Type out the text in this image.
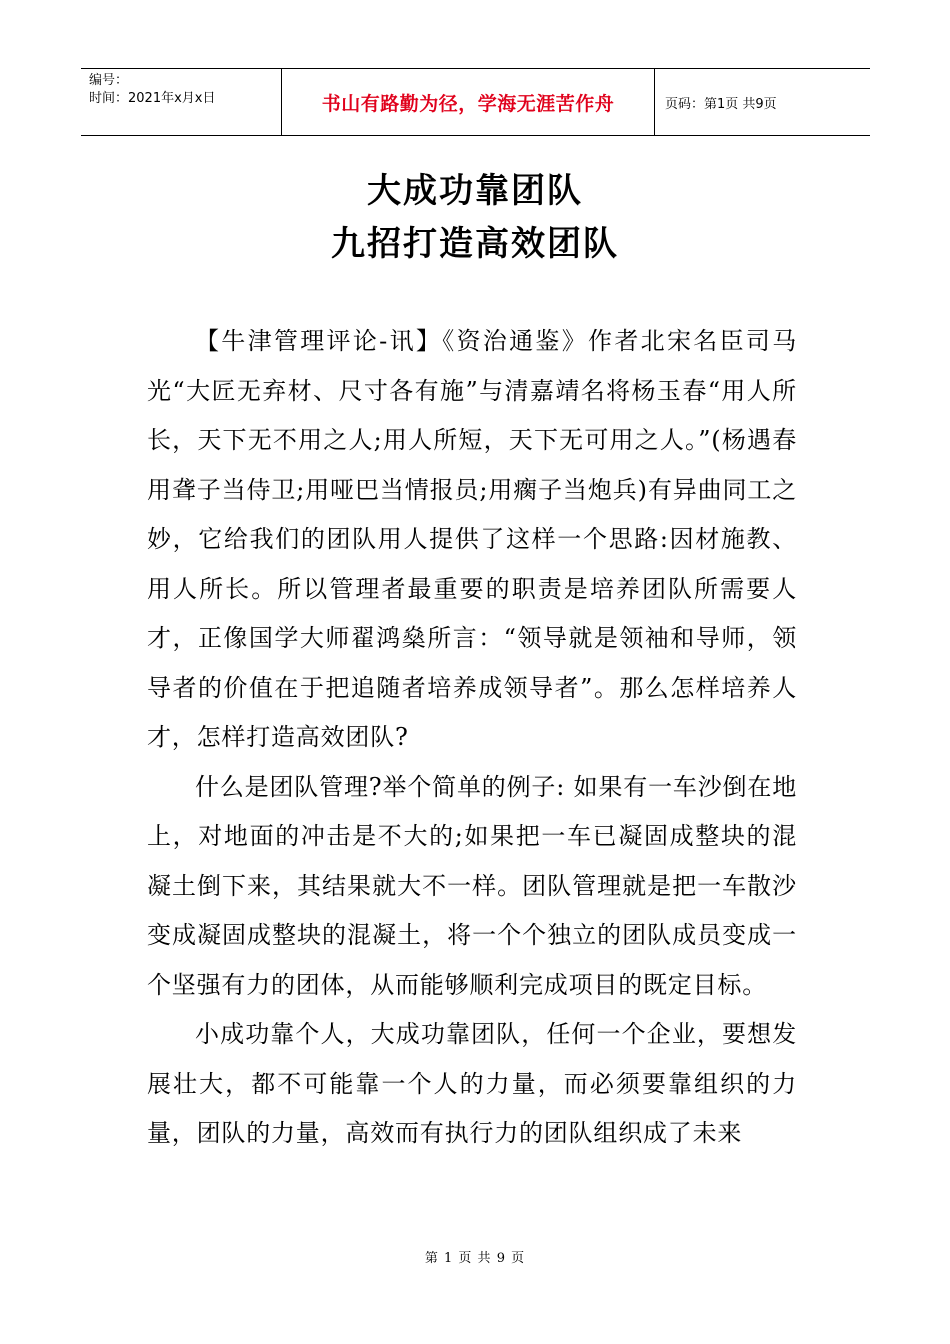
编号：
时间：2021年x月x日	书山有路勤为径，学海无涯苦作舟	页码：第1页 共9页
大成功靠团队
九招打造高效团队

【牛津管理评论-讯】《资治通鉴》作者北宋名臣司马光“大匠无弃材、尺寸各有施”与清嘉靖名将杨玉春“用人所长，天下无不用之人;用人所短，天下无可用之人。”(杨遇春用聋子当侍卫;用哑巴当情报员;用瘸子当炮兵)有异曲同工之妙，它给我们的团队用人提供了这样一个思路:因材施教、用人所长。所以管理者最重要的职责是培养团队所需要人才，正像国学大师翟鸿燊所言：“领导就是领袖和导师，领导者的价值在于把追随者培养成领导者”。那么怎样培养人才，怎样打造高效团队?

什么是团队管理?举个简单的例子: 如果有一车沙倒在地上，对地面的冲击是不大的;如果把一车已凝固成整块的混凝土倒下来，其结果就大不一样。团队管理就是把一车散沙变成凝固成整块的混凝土，将一个个独立的团队成员变成一个坚强有力的团体，从而能够顺利完成项目的既定目标。

小成功靠个人，大成功靠团队，任何一个企业，要想发展壮大，都不可能靠一个人的力量，而必须要靠组织的力量，团队的力量，高效而有执行力的团队组织成了未来

第 1 页 共 9 页
